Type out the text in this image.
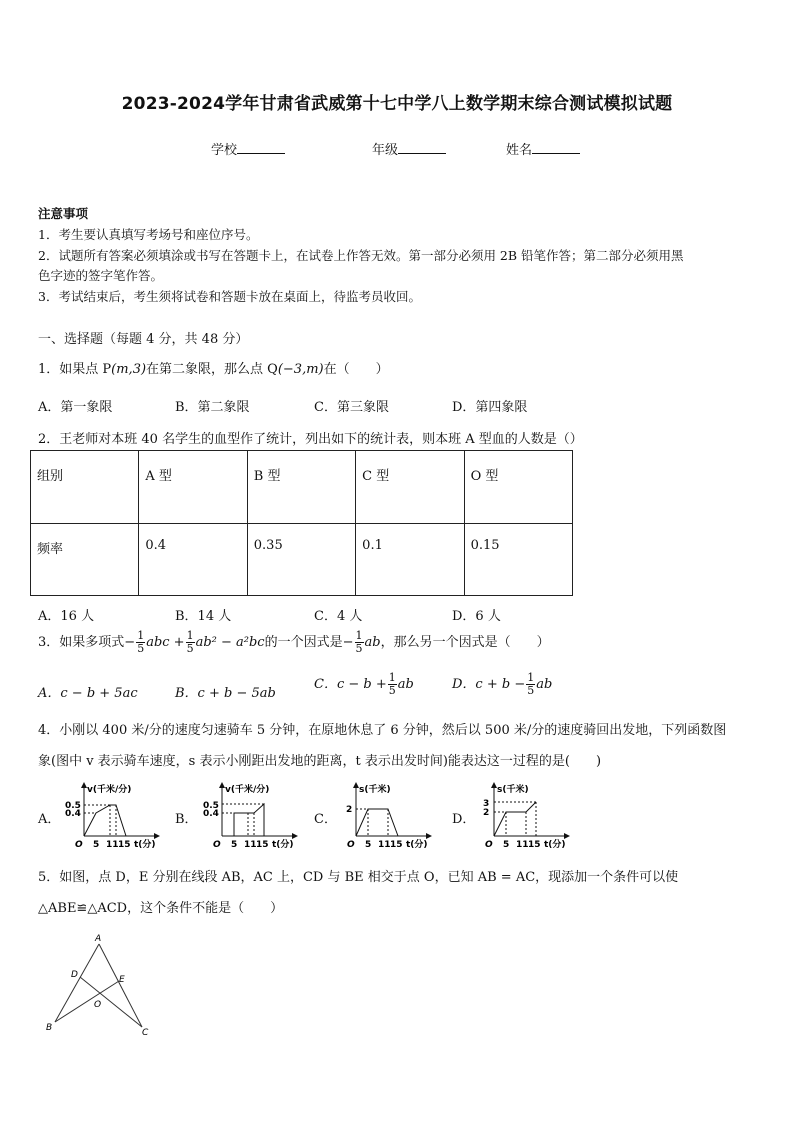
2023-2024学年甘肃省武威第十七中学八上数学期末综合测试模拟试题
学校	年级	姓名
注意事项
1．考生要认真填写考场号和座位序号。
2．试题所有答案必须填涂或书写在答题卡上，在试卷上作答无效。第一部分必须用 2B 铅笔作答；第二部分必须用黑
色字迹的签字笔作答。
3．考试结束后，考生须将试卷和答题卡放在桌面上，待监考员收回。
一、选择题（每题 4 分，共 48 分）
1．如果点 P(m,3)在第二象限，那么点 Q(−3,m)在（　　）
A．第一象限	B．第二象限	C．第三象限	D．第四象限
2．王老师对本班 40 名学生的血型作了统计，列出如下的统计表，则本班 A 型血的人数是（）
组别	A 型	B 型	C 型	O 型
频率	0.4	0.35	0.1	0.15
A．16 人	B．14 人	C．4 人	D．6 人
3．如果多项式− $\frac{1}{5}$ abc + $\frac{1}{5} ab^2 - a^2bc$的一个因式是− $\frac{1}{5}$ ab，那么另一个因式是（　　）
A．c − b + 5ac	B．c + b − 5ab
C．$c - b + \frac{1}{5}$ ab	D．$c + b - \frac{1}{5}$ ab
4．小刚以 400 米/分的速度匀速骑车 5 分钟，在原地休息了 6 分钟，然后以 500 米/分的速度骑回出发地，下列函数图
象(图中 v 表示骑车速度，s 表示小刚距出发地的距离，t 表示出发时间)能表达这一过程的是(　　)
A．	B．	C．	D．
v(千米/分)
0.5
0.4
O 5 11 15 t(分)
v(千米/分)
0.5
0.4
O 5 11 15 t(分)
s(千米)
2
O 5 11 15 t(分)
s(千米)
3
2
O 5 11 15 t(分)
5．如图，点 D，E 分别在线段 AB，AC 上，CD 与 BE 相交于点 O，已知 AB = AC，现添加一个条件可以使
△ABE≌△ACD，这个条件不能是（　　）
A
D	E
O
B	C
